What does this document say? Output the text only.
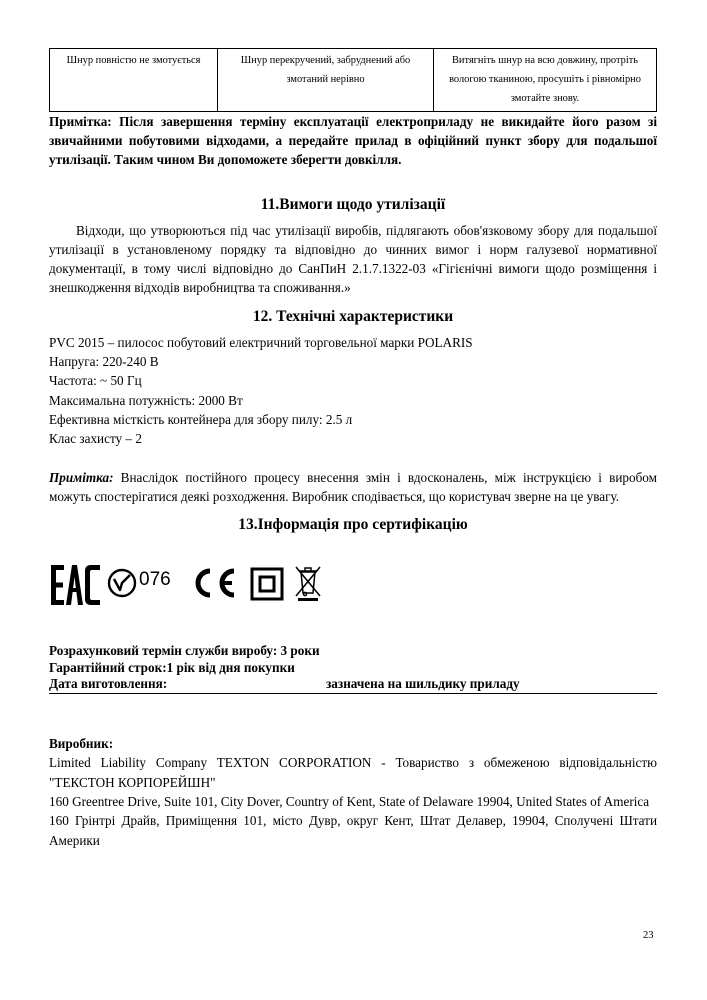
Шнур повністю не змотується	Шнур перекручений, забруднений або змотаний нерівно	Витягніть шнур на всю довжину, протріть вологою тканиною, просушіть і рівномірно змотайте знову.

Примітка: Після завершення терміну експлуатації електроприладу не викидайте його разом зі звичайними побутовими відходами, а передайте прилад в офіційний пункт збору для подальшої утилізації. Таким чином Ви допоможете зберегти довкілля.

11.Вимоги щодо утилізації

Відходи, що утворюються під час утилізації виробів, підлягають обов'язковому збору для подальшої утилізації в установленому порядку та відповідно до чинних вимог і норм галузевої нормативної документації, в тому числі відповідно до СанПиН 2.1.7.1322-03 «Гігієнічні вимоги щодо розміщення і знешкодження відходів виробництва та споживання.»

12. Технічні характеристики
PVC 2015 – пилосос побутовий електричний торговельної марки POLARIS
Напруга: 220-240 В
Частота: ~ 50 Гц
Максимальна потужність: 2000 Вт
Ефективна місткість контейнера для збору пилу: 2.5 л
Клас захисту – 2

Примітка: Внаслідок постійного процесу внесення змін і вдосконалень, між інструкцією і виробом можуть спостерігатися деякі розходження. Виробник сподівається, що користувач зверне на це увагу.

13.Інформація про сертифікацію
076
Розрахунковий термін служби виробу: 3 роки
Гарантійний строк:1 рік від дня покупки
Дата виготовлення:	зазначена на шильдику приладу

Виробник:

Limited Liability Company TEXTON CORPORATION - Товариство з обмеженою відповідальністю "ТЕКСТОН КОРПОРЕЙШН"

160 Greentree Drive, Suite 101, City Dover, Country of Kent, State of Delaware 19904, United States of America

160 Грінтрі Драйв, Приміщення 101, місто Дувр, округ Кент, Штат Делавер, 19904, Сполучені Штати Америки

23
